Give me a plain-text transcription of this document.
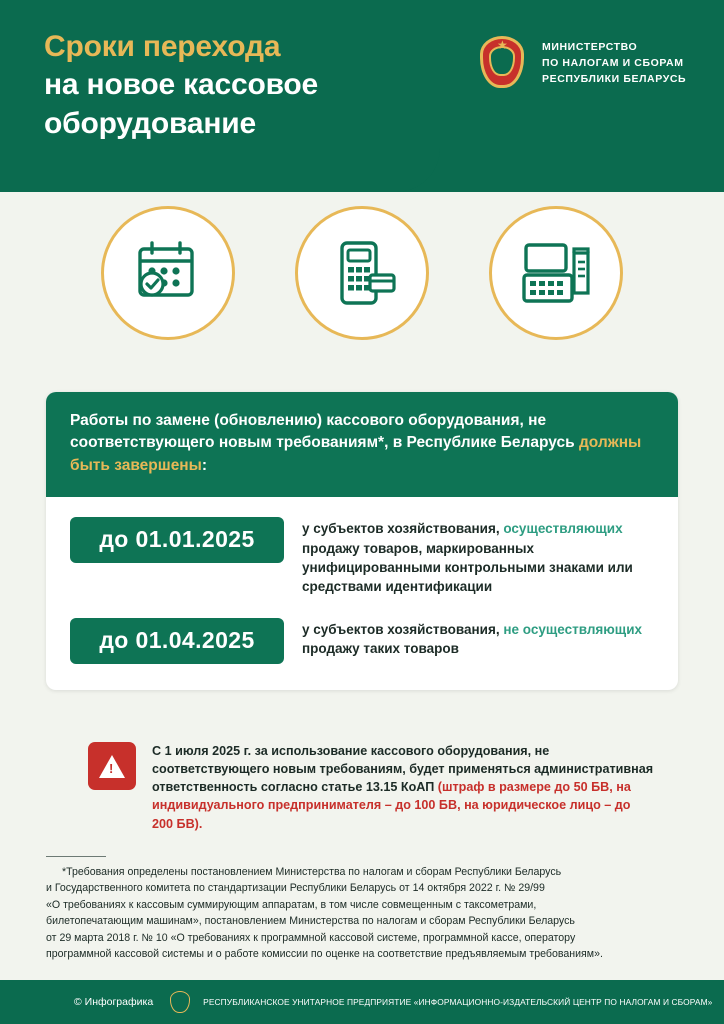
Сроки перехода
на новое кассовое
оборудование
★	МИНИСТЕРСТВО
ПО НАЛОГАМ И СБОРАМ
РЕСПУБЛИКИ БЕЛАРУСЬ

Работы по замене (обновлению) кассового оборудования, не соответствующего новым требованиям*, в Республике Беларусь должны быть завершены:

до 01.01.2025	у субъектов хозяйствования, осуществляющих продажу товаров, маркированных унифицированными контрольными знаками или средствами идентификации
до 01.04.2025	у субъектов хозяйствования, не осуществляющих продажу таких товаров
!
С 1 июля 2025 г. за использование кассового оборудования, не соответствующего новым требованиям, будет применяться административная ответственность согласно статье 13.15 КоАП (штраф в размере до 50 БВ, на индивидуального предпринимателя – до 100 БВ, на юридическое лицо – до 200 БВ).

*Требования определены постановлением Министерства по налогам и сборам Республики Беларусь

и Государственного комитета по стандартизации Республики Беларусь от 14 октября 2022 г. № 29/99

«О требованиях к кассовым суммирующим аппаратам, в том числе совмещенным с таксометрами,

билетопечатающим машинам», постановлением Министерства по налогам и сборам Республики Беларусь

от 29 марта 2018 г. № 10 «О требованиях к программной кассовой системе, программной кассе, оператору

программной кассовой системы и о работе комиссии по оценке на соответствие предъявляемым требованиям».

© Инфографика	РЕСПУБЛИКАНСКОЕ УНИТАРНОЕ ПРЕДПРИЯТИЕ «ИНФОРМАЦИОННО-ИЗДАТЕЛЬСКИЙ ЦЕНТР ПО НАЛОГАМ И СБОРАМ»
